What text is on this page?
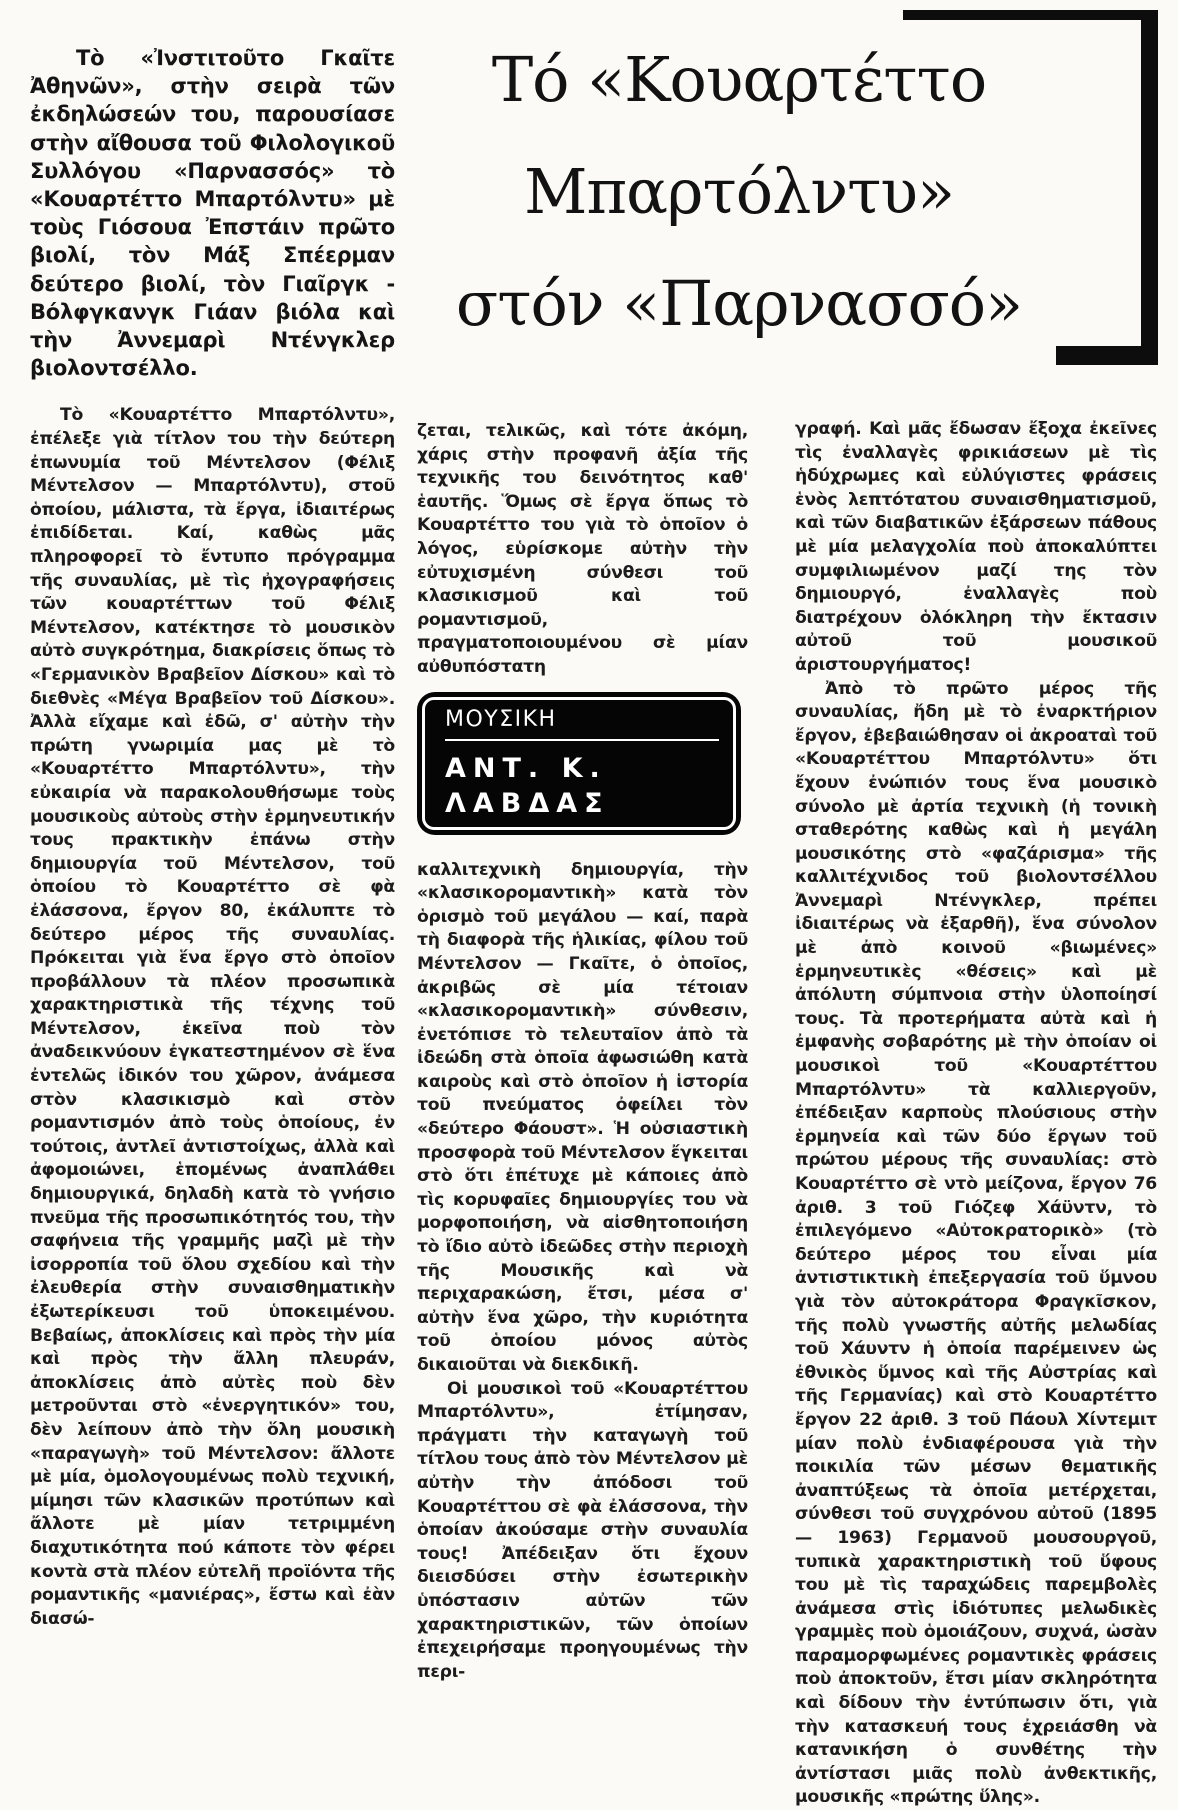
Τό «Κουαρτέττο
Μπαρτόλντυ»
στόν «Παρνασσό»

Τὸ «Ἰνστιτοῦτο Γκαῖτε Ἀθηνῶν», στὴν σειρὰ τῶν ἐκδηλώσεών του, παρουσίασε στὴν αἴθουσα τοῦ Φιλολογικοῦ Συλλόγου «Παρνασσός» τὸ «Κουαρτέττο Μπαρτόλντυ» μὲ τοὺς Γιόσουα Ἐπστάιν πρῶτο βιολί, τὸν Μάξ Σπέερμαν δεύτερο βιολί, τὸν Γιαῖργκ - Βόλφγκανγκ Γιάαν βιόλα καὶ τὴν Ἀννεμαρὶ Ντένγκλερ βιολοντσέλλο.

Τὸ «Κουαρτέττο Μπαρτόλντυ», ἐπέλεξε γιὰ τίτλον του τὴν δεύτερη ἐπωνυμία τοῦ Μέντελσον (Φέλιξ Μέντελσον — Μπαρτόλντυ), στοῦ ὁποίου, μάλιστα, τὰ ἔργα, ἰδιαιτέρως ἐπιδίδεται. Καί, καθὼς μᾶς πληροφορεῖ τὸ ἔντυπο πρόγραμμα τῆς συναυλίας, μὲ τὶς ἠχογραφήσεις τῶν κουαρτέττων τοῦ Φέλιξ Μέντελσον, κατέκτησε τὸ μουσικὸν αὐτὸ συγκρότημα, διακρίσεις ὅπως τὸ «Γερμανικὸν Βραβεῖον Δίσκου» καὶ τὸ διεθνὲς «Μέγα Βραβεῖον τοῦ Δίσκου». Ἀλλὰ εἴχαμε καὶ ἐδῶ, σ' αὐτὴν τὴν πρώτη γνωριμία μας μὲ τὸ «Κουαρτέττο Μπαρτόλντυ», τὴν εὐκαιρία νὰ παρακολουθήσωμε τοὺς μουσικοὺς αὐτοὺς στὴν ἑρμηνευτικήν τους πρακτικὴν ἐπάνω στὴν δημιουργία τοῦ Μέντελσον, τοῦ ὁποίου τὸ Κουαρτέττο σὲ φὰ ἐλάσσονα, ἔργον 80, ἐκάλυπτε τὸ δεύτερο μέρος τῆς συναυλίας. Πρόκειται γιὰ ἕνα ἔργο στὸ ὁποῖον προβάλλουν τὰ πλέον προσωπικὰ χαρακτηριστικὰ τῆς τέχνης τοῦ Μέντελσον, ἐκεῖνα ποὺ τὸν ἀναδεικνύουν ἐγκατεστημένον σὲ ἕνα ἐντελῶς ἰδικόν του χῶρον, ἀνάμεσα στὸν κλασικισμὸ καὶ στὸν ρομαντισμόν ἀπὸ τοὺς ὁποίους, ἐν τούτοις, ἀντλεῖ ἀντιστοίχως, ἀλλὰ καὶ ἀφομοιώνει, ἑπομένως ἀναπλάθει δημιουργικά, δηλαδὴ κατὰ τὸ γνήσιο πνεῦμα τῆς προσωπικότητός του, τὴν σαφήνεια τῆς γραμμῆς μαζὶ μὲ τὴν ἰσορροπία τοῦ ὅλου σχεδίου καὶ τὴν ἐλευθερία στὴν συναισθηματικὴν ἐξωτερίκευσι τοῦ ὑποκειμένου. Βεβαίως, ἀποκλίσεις καὶ πρὸς τὴν μία καὶ πρὸς τὴν ἄλλη πλευράν, ἀποκλίσεις ἀπὸ αὐτὲς ποὺ δὲν μετροῦνται στὸ «ἐνεργητικόν» του, δὲν λείπουν ἀπὸ τὴν ὅλη μουσικὴ «παραγωγὴ» τοῦ Μέντελσον: ἄλλοτε μὲ μία, ὁμολογουμένως πολὺ τεχνική, μίμησι τῶν κλασικῶν προτύπων καὶ ἄλλοτε μὲ μίαν τετριμμένη διαχυτικότητα πού κάποτε τὸν φέρει κοντὰ στὰ πλέον εὐτελῆ προϊόντα τῆς ρομαντικῆς «μανιέρας», ἔστω καὶ ἐὰν διασώ-

ζεται, τελικῶς, καὶ τότε ἀκόμη, χάρις στὴν προφανῆ ἀξία τῆς τεχνικῆς του δεινότητος καθ' ἑαυτῆς. Ὅμως σὲ ἔργα ὅπως τὸ Κουαρτέττο του γιὰ τὸ ὁποῖον ὁ λόγος, εὑρίσκομε αὐτὴν τὴν εὐτυχισμένη σύνθεσι τοῦ κλασικισμοῦ καὶ τοῦ ρομαντισμοῦ, πραγματοποιουμένου σὲ μίαν αὐθυπόστατη

ΜΟΥΣΙΚΗ
ΑΝΤ. Κ.
ΛΑΒΔΑΣ

καλλιτεχνικὴ δημιουργία, τὴν «κλασικορομαντικὴ» κατὰ τὸν ὁρισμὸ τοῦ μεγάλου — καί, παρὰ τὴ διαφορὰ τῆς ἡλικίας, φίλου τοῦ Μέντελσον — Γκαῖτε, ὁ ὁποῖος, ἀκριβῶς σὲ μία τέτοιαν «κλασικορομαντικὴ» σύνθεσιν, ἐνετόπισε τὸ τελευταῖον ἀπὸ τὰ ἰδεώδη στὰ ὁποῖα ἀφωσιώθη κατὰ καιροὺς καὶ στὸ ὁποῖον ἡ ἱστορία τοῦ πνεύματος ὀφείλει τὸν «δεύτερο Φάουστ». Ἡ οὐσιαστικὴ προσφορὰ τοῦ Μέντελσον ἔγκειται στὸ ὅτι ἐπέτυχε μὲ κάποιες ἀπὸ τὶς κορυφαῖες δημιουργίες του νὰ μορφοποιήση, νὰ αἰσθητοποιήση τὸ ἴδιο αὐτὸ ἰδεῶδες στὴν περιοχὴ τῆς Μουσικῆς καὶ νὰ περιχαρακώση, ἔτσι, μέσα σ' αὐτὴν ἕνα χῶρο, τὴν κυριότητα τοῦ ὁποίου μόνος αὐτὸς δικαιοῦται νὰ διεκδικῆ.

Οἱ μουσικοὶ τοῦ «Κουαρτέττου Μπαρτόλντυ», ἐτίμησαν, πράγματι τὴν καταγωγὴ τοῦ τίτλου τους ἀπὸ τὸν Μέντελσον μὲ αὐτὴν τὴν ἀπόδοσι τοῦ Κουαρτέττου σὲ φὰ ἐλάσσονα, τὴν ὁποίαν ἀκούσαμε στὴν συναυλία τους! Ἀπέδειξαν ὅτι ἔχουν διεισδύσει στὴν ἐσωτερικὴν ὑπόστασιν αὐτῶν τῶν χαρακτηριστικῶν, τῶν ὁποίων ἐπεχειρήσαμε προηγουμένως τὴν περι-

γραφή. Καὶ μᾶς ἔδωσαν ἔξοχα ἐκεῖνες τὶς ἐναλλαγὲς φρικιάσεων μὲ τὶς ἡδύχρωμες καὶ εὐλύγιστες φράσεις ἑνὸς λεπτότατου συναισθηματισμοῦ, καὶ τῶν διαβατικῶν ἐξάρσεων πάθους μὲ μία μελαγχολία ποὺ ἀποκαλύπτει συμφιλιωμένον μαζί της τὸν δημιουργό, ἐναλλαγὲς ποὺ διατρέχουν ὁλόκληρη τὴν ἔκτασιν αὐτοῦ τοῦ μουσικοῦ ἀριστουργήματος!

Ἀπὸ τὸ πρῶτο μέρος τῆς συναυλίας, ἤδη μὲ τὸ ἐναρκτήριον ἔργον, ἐβεβαιώθησαν οἱ ἀκροαταὶ τοῦ «Κουαρτέττου Μπαρτόλντυ» ὅτι ἔχουν ἐνώπιόν τους ἕνα μουσικὸ σύνολο μὲ ἀρτία τεχνικὴ (ἡ τονικὴ σταθερότης καθὼς καὶ ἡ μεγάλη μουσικότης στὸ «φαζάρισμα» τῆς καλλιτέχνιδος τοῦ βιολοντσέλλου Ἀννεμαρὶ Ντένγκλερ, πρέπει ἰδιαιτέρως νὰ ἐξαρθῆ), ἕνα σύνολον μὲ ἀπὸ κοινοῦ «βιωμένες» ἑρμηνευτικὲς «θέσεις» καὶ μὲ ἀπόλυτη σύμπνοια στὴν ὑλοποίησί τους. Τὰ προτερήματα αὐτὰ καὶ ἡ ἐμφανὴς σοβαρότης μὲ τὴν ὁποίαν οἱ μουσικοὶ τοῦ «Κουαρτέττου Μπαρτόλντυ» τὰ καλλιεργοῦν, ἐπέδειξαν καρποὺς πλούσιους στὴν ἑρμηνεία καὶ τῶν δύο ἔργων τοῦ πρώτου μέρους τῆς συναυλίας: στὸ Κουαρτέττο σὲ ντὸ μείζονα, ἔργον 76 ἀριθ. 3 τοῦ Γιόζεφ Χάϋντν, τὸ ἐπιλεγόμενο «Αὐτοκρατορικὸ» (τὸ δεύτερο μέρος του εἶναι μία ἀντιστικτικὴ ἐπεξεργασία τοῦ ὕμνου γιὰ τὸν αὐτοκράτορα Φραγκῖσκον, τῆς πολὺ γνωστῆς αὐτῆς μελωδίας τοῦ Χάυντν ἡ ὁποία παρέμεινεν ὡς ἐθνικὸς ὕμνος καὶ τῆς Αὐστρίας καὶ τῆς Γερμανίας) καὶ στὸ Κουαρτέττο ἔργον 22 ἀριθ. 3 τοῦ Πάουλ Χίντεμιτ μίαν πολὺ ἐνδιαφέρουσα γιὰ τὴν ποικιλία τῶν μέσων θεματικῆς ἀναπτύξεως τὰ ὁποῖα μετέρχεται, σύνθεσι τοῦ συγχρόνου αὐτοῦ (1895 — 1963) Γερμανοῦ μουσουργοῦ, τυπικὰ χαρακτηριστικὴ τοῦ ὕφους του μὲ τὶς ταραχώδεις παρεμβολὲς ἀνάμεσα στὶς ἰδιότυπες μελωδικὲς γραμμὲς ποὺ ὁμοιάζουν, συχνά, ὡσὰν παραμορφωμένες ρομαντικὲς φράσεις ποὺ ἀποκτοῦν, ἔτσι μίαν σκληρότητα καὶ δίδουν τὴν ἐντύπωσιν ὅτι, γιὰ τὴν κατασκευή τους ἐχρειάσθη νὰ κατανικήση ὁ συνθέτης τὴν ἀντίστασι μιᾶς πολὺ ἀνθεκτικῆς, μουσικῆς «πρώτης ὕλης».
